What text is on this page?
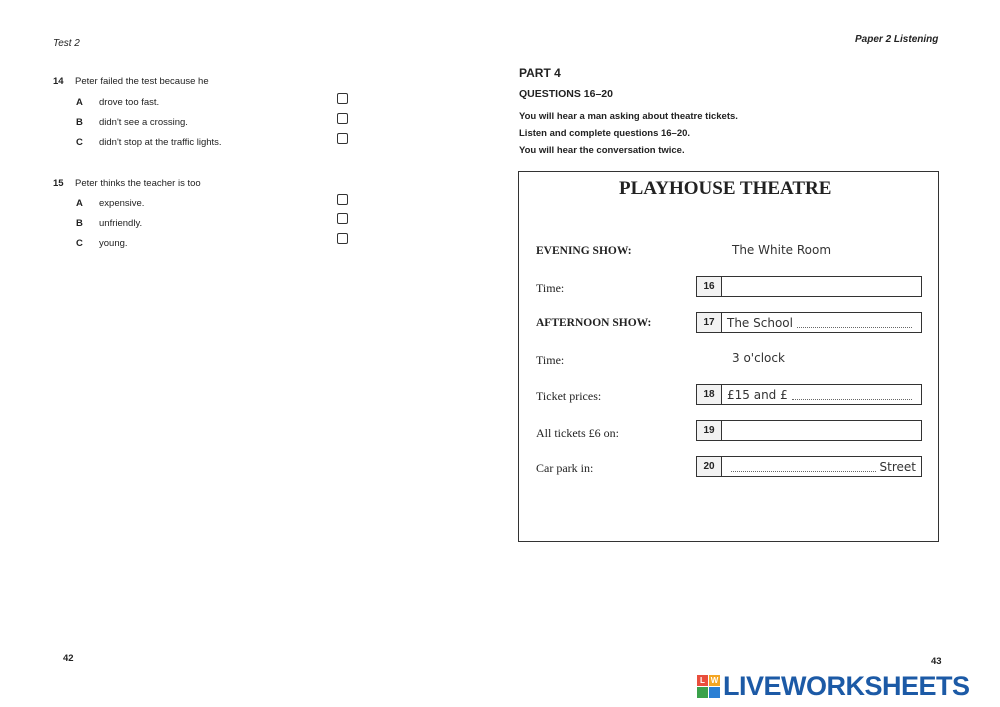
Test 2
14 Peter failed the test because he
A drove too fast.
B didn't see a crossing.
C didn't stop at the traffic lights.
15 Peter thinks the teacher is too
A expensive.
B unfriendly.
C young.
42
Paper 2 Listening
PART 4
QUESTIONS 16–20
You will hear a man asking about theatre tickets.
Listen and complete questions 16–20.
You will hear the conversation twice.
PLAYHOUSE THEATRE
EVENING SHOW:	The White Room
Time:	16
AFTERNOON SHOW:	17	The School
Time:	3 o'clock
Ticket prices:	18	£15 and £
All tickets £6 on:	19
Car park in:	20	Street
43
L W LIVEWORKSHEETS
